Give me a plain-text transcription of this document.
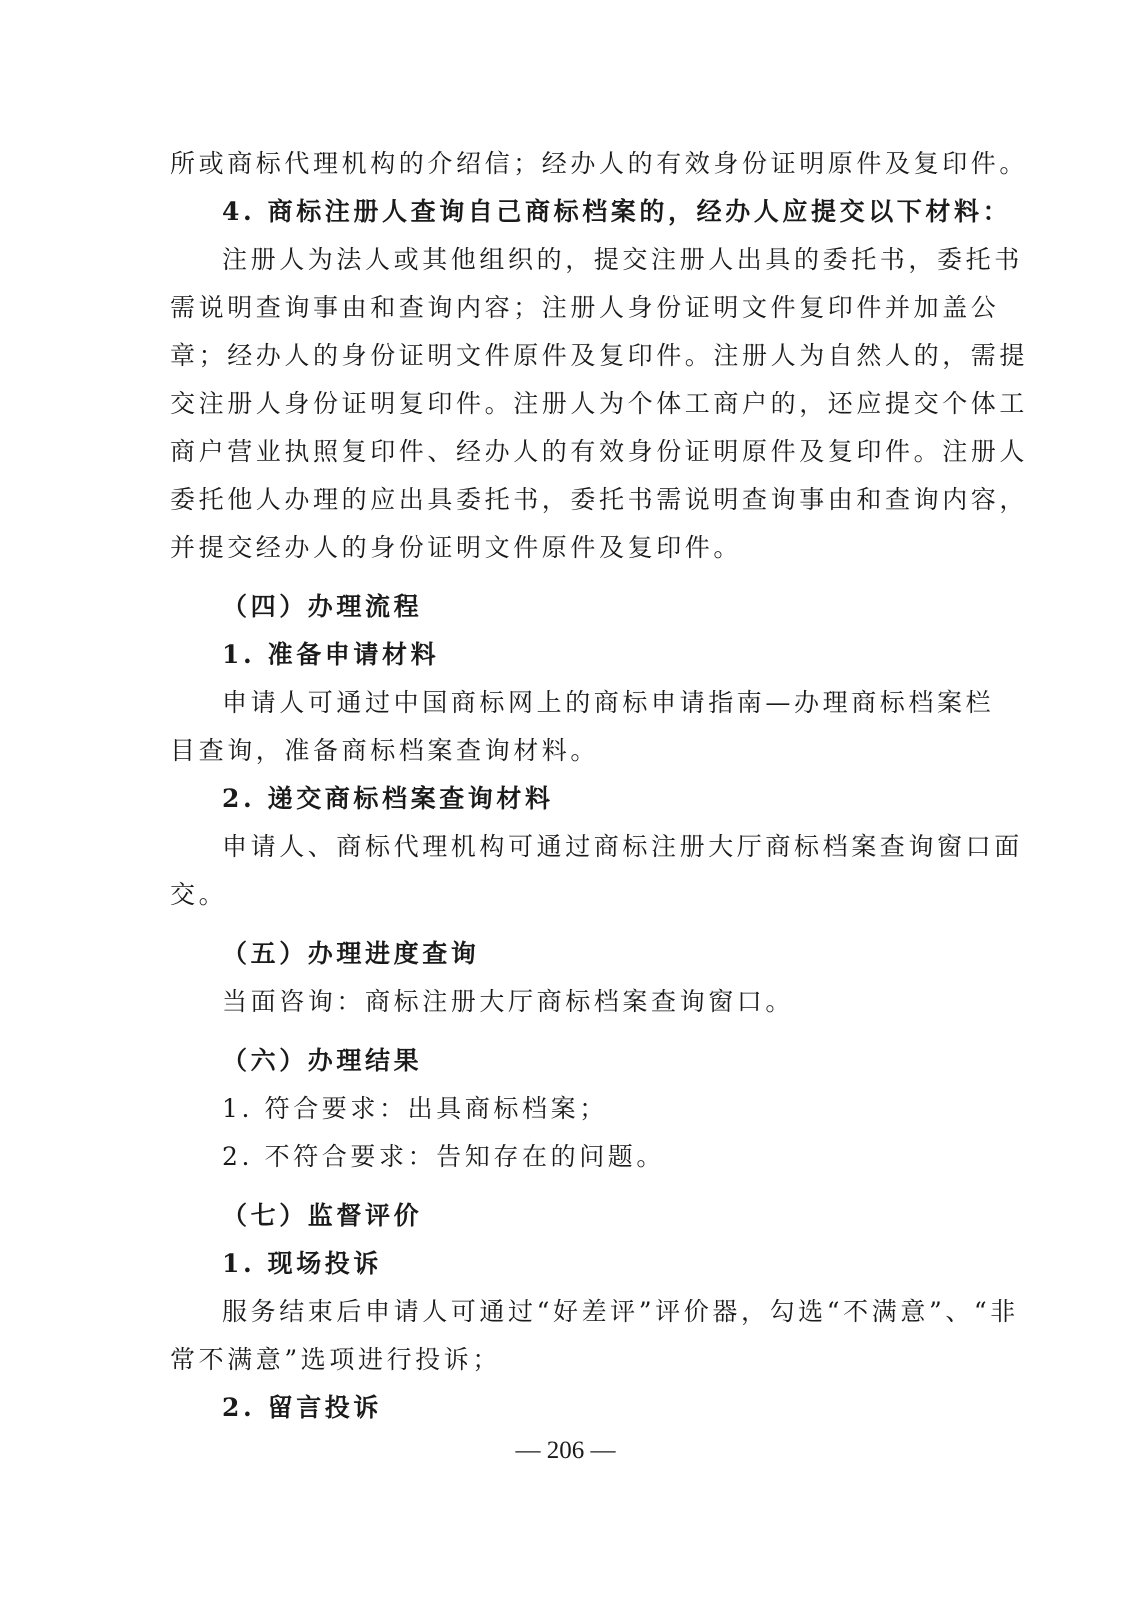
所或商标代理机构的介绍信；经办人的有效身份证明原件及复印件。
4. 商标注册人查询自己商标档案的，经办人应提交以下材料：
注册人为法人或其他组织的，提交注册人出具的委托书，委托书
需说明查询事由和查询内容；注册人身份证明文件复印件并加盖公
章；经办人的身份证明文件原件及复印件。注册人为自然人的，需提
交注册人身份证明复印件。注册人为个体工商户的，还应提交个体工
商户营业执照复印件、经办人的有效身份证明原件及复印件。注册人
委托他人办理的应出具委托书，委托书需说明查询事由和查询内容，
并提交经办人的身份证明文件原件及复印件。
（四）办理流程
1. 准备申请材料
申请人可通过中国商标网上的商标申请指南—办理商标档案栏
目查询，准备商标档案查询材料。
2. 递交商标档案查询材料
申请人、商标代理机构可通过商标注册大厅商标档案查询窗口面
交。
（五）办理进度查询
当面咨询：商标注册大厅商标档案查询窗口。
（六）办理结果
1. 符合要求：出具商标档案；
2. 不符合要求：告知存在的问题。
（七）监督评价
1. 现场投诉
服务结束后申请人可通过“好差评”评价器，勾选“不满意”、“非
常不满意”选项进行投诉；
2. 留言投诉
— 206 —
